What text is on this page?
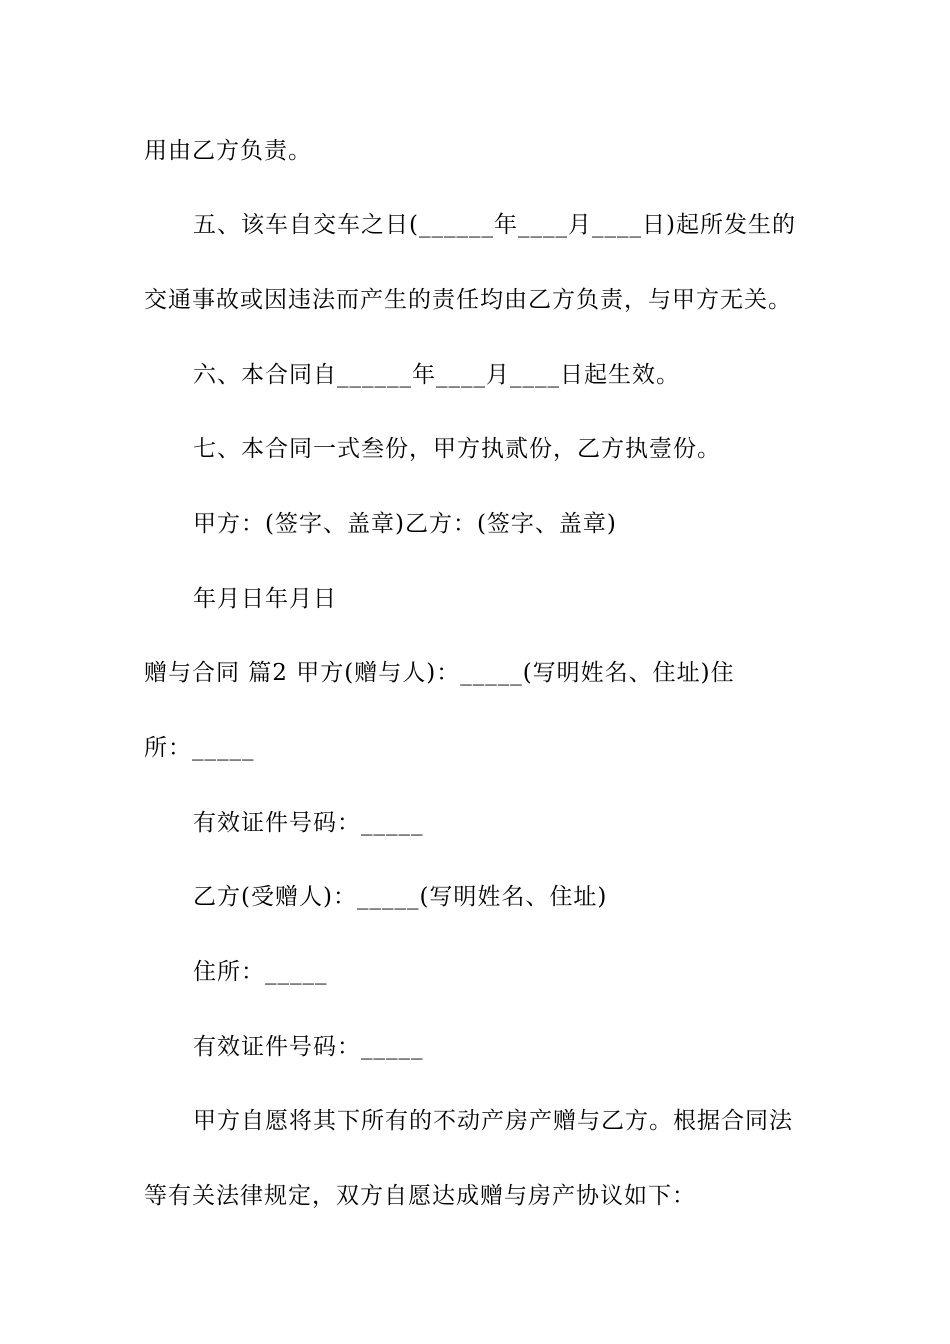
用由乙方负责。
五、该车自交车之日(______年____月____日)起所发生的
交通事故或因违法而产生的责任均由乙方负责，与甲方无关。
六、本合同自______年____月____日起生效。
七、本合同一式叁份，甲方执贰份，乙方执壹份。
甲方：(签字、盖章)乙方：(签字、盖章)
年月日年月日
赠与合同 篇2 甲方(赠与人)：_____(写明姓名、住址)住
所：_____
有效证件号码：_____
乙方(受赠人)：_____(写明姓名、住址)
住所：_____
有效证件号码：_____
甲方自愿将其下所有的不动产房产赠与乙方。根据合同法
等有关法律规定，双方自愿达成赠与房产协议如下：
